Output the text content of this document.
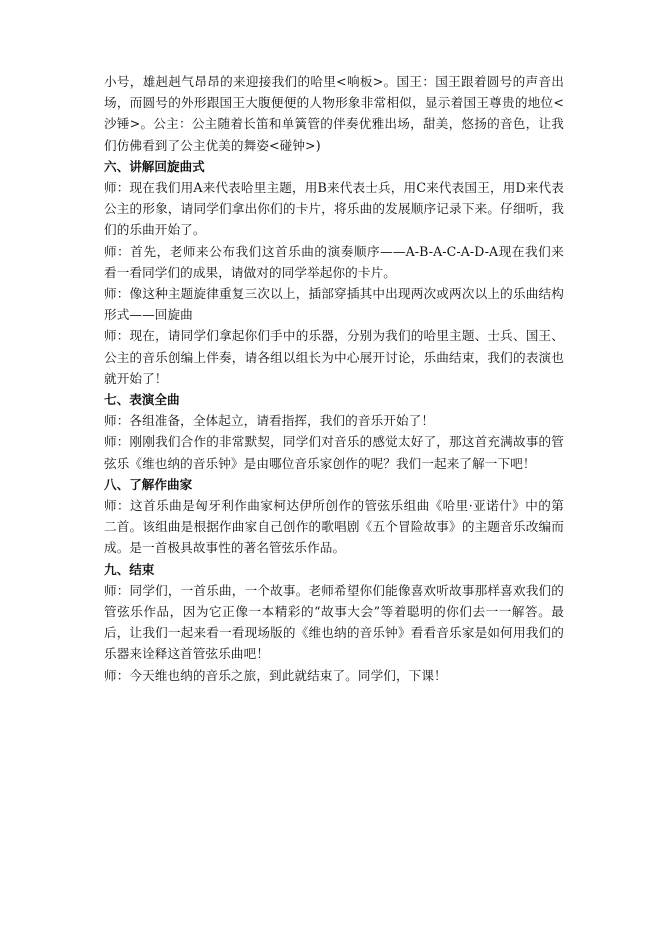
小号，雄赳赳气昂昂的来迎接我们的哈里<响板>。国王：国王跟着圆号的声音出场，而圆号的外形跟国王大腹便便的人物形象非常相似，显示着国王尊贵的地位<沙锤>。公主：公主随着长笛和单簧管的伴奏优雅出场，甜美，悠扬的音色，让我们仿佛看到了公主优美的舞姿<碰钟>)

六、讲解回旋曲式

师：现在我们用A来代表哈里主题，用B来代表士兵，用C来代表国王，用D来代表公主的形象，请同学们拿出你们的卡片，将乐曲的发展顺序记录下来。仔细听，我们的乐曲开始了。

师：首先，老师来公布我们这首乐曲的演奏顺序——A-B-A-C-A-D-A现在我们来看一看同学们的成果，请做对的同学举起你的卡片。

师：像这种主题旋律重复三次以上，插部穿插其中出现两次或两次以上的乐曲结构形式——回旋曲

师：现在，请同学们拿起你们手中的乐器，分别为我们的哈里主题、士兵、国王、公主的音乐创编上伴奏，请各组以组长为中心展开讨论，乐曲结束，我们的表演也就开始了！

七、表演全曲

师：各组准备，全体起立，请看指挥，我们的音乐开始了！

师：刚刚我们合作的非常默契，同学们对音乐的感觉太好了，那这首充满故事的管弦乐《维也纳的音乐钟》是由哪位音乐家创作的呢？我们一起来了解一下吧！

八、了解作曲家

师：这首乐曲是匈牙利作曲家柯达伊所创作的管弦乐组曲《哈里·亚诺什》中的第二首。该组曲是根据作曲家自己创作的歌唱剧《五个冒险故事》的主题音乐改编而成。是一首极具故事性的著名管弦乐作品。

九、结束

师：同学们，一首乐曲，一个故事。老师希望你们能像喜欢听故事那样喜欢我们的管弦乐作品，因为它正像一本精彩的“故事大会”等着聪明的你们去一一解答。最后，让我们一起来看一看现场版的《维也纳的音乐钟》看看音乐家是如何用我们的乐器来诠释这首管弦乐曲吧！

师：今天维也纳的音乐之旅，到此就结束了。同学们，下课！
